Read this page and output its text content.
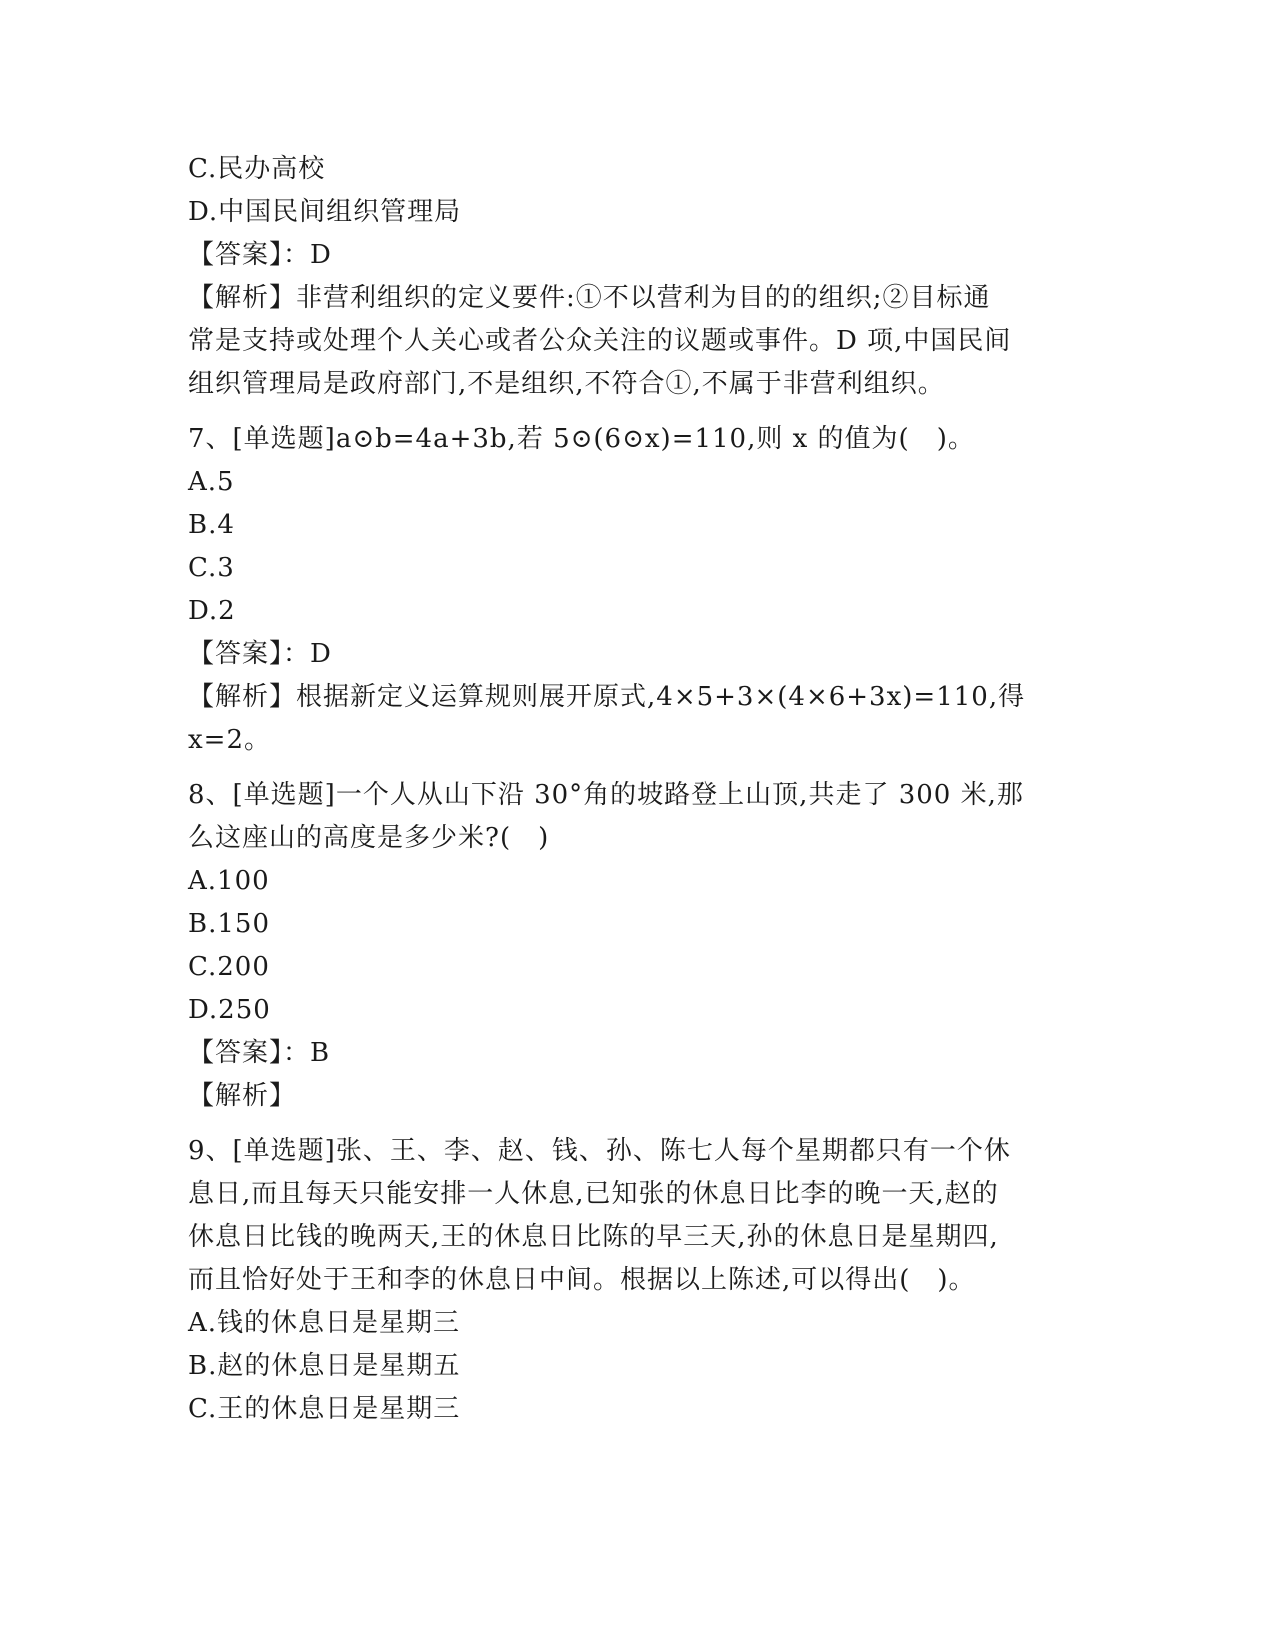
C.民办高校
D.中国民间组织管理局
【答案】：D
【解析】非营利组织的定义要件:①不以营利为目的的组织;②目标通
常是支持或处理个人关心或者公众关注的议题或事件。D 项,中国民间
组织管理局是政府部门,不是组织,不符合①,不属于非营利组织。
7、[单选题]a⊙b=4a+3b,若 5⊙(6⊙x)=110,则 x 的值为(　)。
A.5
B.4
C.3
D.2
【答案】：D
【解析】根据新定义运算规则展开原式,4×5+3×(4×6+3x)=110,得
x=2。
8、[单选题]一个人从山下沿 30°角的坡路登上山顶,共走了 300 米,那
么这座山的高度是多少米?(　)
A.100
B.150
C.200
D.250
【答案】：B
【解析】
9、[单选题]张、王、李、赵、钱、孙、陈七人每个星期都只有一个休
息日,而且每天只能安排一人休息,已知张的休息日比李的晚一天,赵的
休息日比钱的晚两天,王的休息日比陈的早三天,孙的休息日是星期四,
而且恰好处于王和李的休息日中间。根据以上陈述,可以得出(　)。
A.钱的休息日是星期三
B.赵的休息日是星期五
C.王的休息日是星期三
